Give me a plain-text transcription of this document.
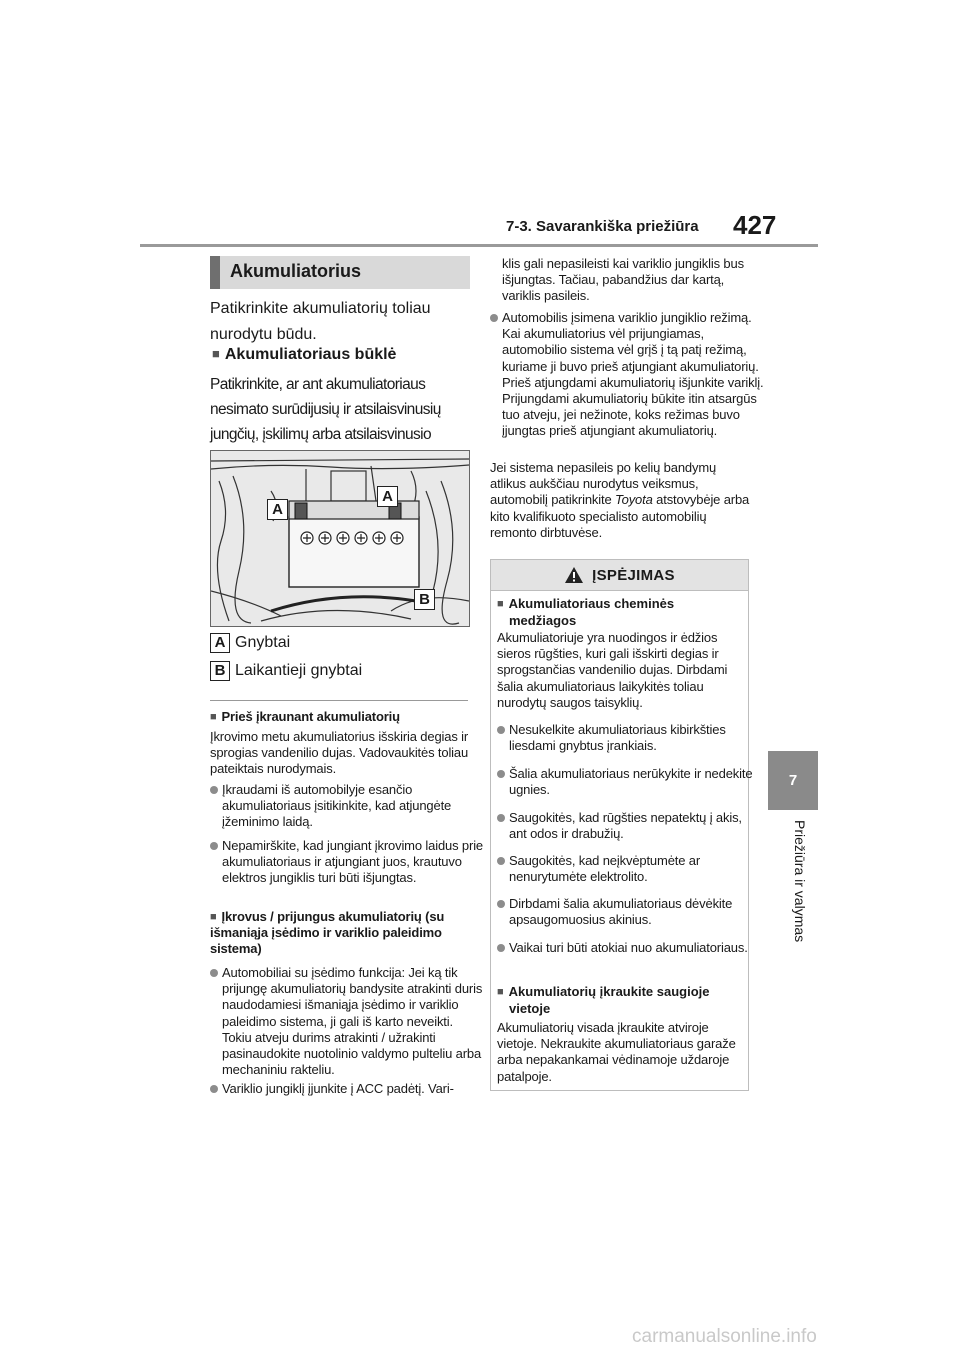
7-3. Savarankiška priežiūra 427
7
Priežiūra ir valymas
Akumuliatorius
Patikrinkite akumuliatorių toliau nurodytu būdu.
■ Akumuliatoriaus būklė
Patikrinkite, ar ant akumuliatoriaus nesimato surūdijusių ir atsilaisvinusių jungčių, įskilimų arba atsilaisvinusio
A
A
B
A Gnybtai
B Laikantieji gnybtai
■ Prieš įkraunant akumuliatorių
Įkrovimo metu akumuliatorius išskiria degias ir sprogias vandenilio dujas. Vadovaukitės toliau pateiktais nurodymais.
Įkraudami iš automobilyje esančio akumuliatoriaus įsitikinkite, kad atjungėte įžeminimo laidą.
Nepamirškite, kad jungiant įkrovimo laidus prie akumuliatoriaus ir atjungiant juos, krautuvo elektros jungiklis turi būti išjungtas.
■ Įkrovus / prijungus akumuliatorių (su išmaniąja įsėdimo ir variklio paleidimo sistema)
Automobiliai su įsėdimo funkcija: Jei ką tik prijungę akumuliatorių bandysite atrakinti duris naudodamiesi išmaniąja įsėdimo ir variklio paleidimo sistema, ji gali iš karto neveikti. Tokiu atveju durims atrakinti / užrakinti pasinaudokite nuotolinio valdymo pulteliu arba mechaniniu rakteliu.
Variklio jungiklį įjunkite į ACC padėtį. Vari-
klis gali nepasileisti kai variklio jungiklis bus išjungtas. Tačiau, pabandžius dar kartą, variklis pasileis.
Automobilis įsimena variklio jungiklio režimą. Kai akumuliatorius vėl prijungiamas, automobilio sistema vėl grįš į tą patį režimą, kuriame ji buvo prieš atjungiant akumuliatorių. Prieš atjungdami akumuliatorių išjunkite variklį. Prijungdami akumuliatorių būkite itin atsargūs tuo atveju, jei nežinote, koks režimas buvo įjungtas prieš atjungiant akumuliatorių.
Jei sistema nepasileis po kelių bandymų atlikus aukščiau nurodytus veiksmus, automobilį patikrinkite Toyota atstovybėje arba kito kvalifikuoto specialisto automobilių remonto dirbtuvėse.
ĮSPĖJIMAS
■ Akumuliatoriaus cheminės medžiagos
Akumuliatoriuje yra nuodingos ir ėdžios sieros rūgšties, kuri gali išskirti degias ir sprogstančias vandenilio dujas. Dirbdami šalia akumuliatoriaus laikykitės toliau nurodytų saugos taisyklių.
Nesukelkite akumuliatoriaus kibirkšties liesdami gnybtus įrankiais.
Šalia akumuliatoriaus nerūkykite ir nedekite ugnies.
Saugokitės, kad rūgšties nepatektų į akis, ant odos ir drabužių.
Saugokitės, kad neįkvėptumėte ar nenurytumėte elektrolito.
Dirbdami šalia akumuliatoriaus dėvėkite apsaugomuosius akinius.
Vaikai turi būti atokiai nuo akumuliatoriaus.
■ Akumuliatorių įkraukite saugioje vietoje
Akumuliatorių visada įkraukite atviroje vietoje. Nekraukite akumuliatoriaus garaže arba nepakankamai vėdinamoje uždaroje patalpoje.
carmanualsonline.info
